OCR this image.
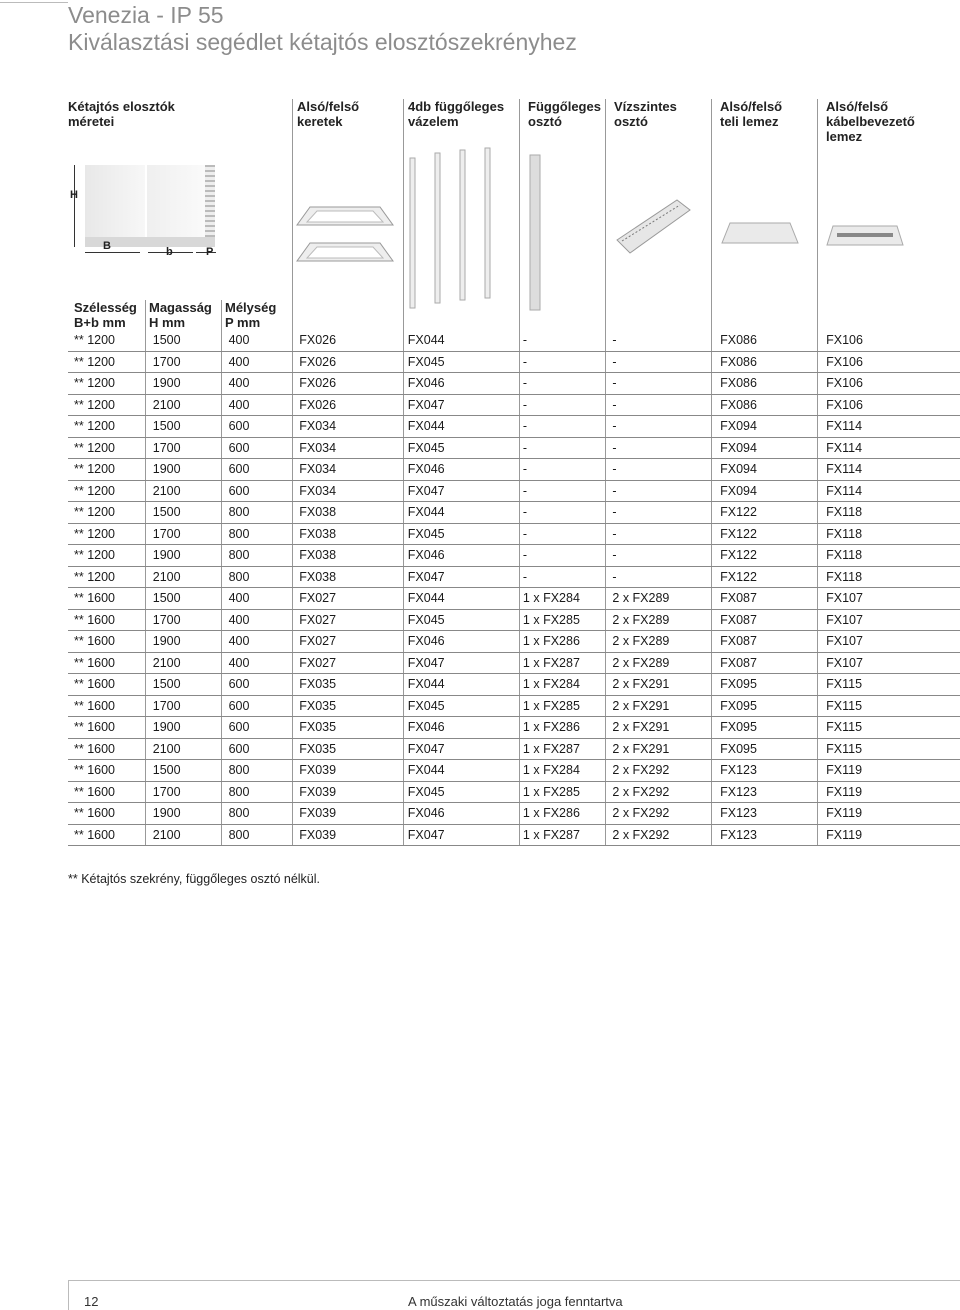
Venezia - IP 55
Kiválasztási segédlet kétajtós elosztószekrényhez
Kétajtós elosztók
méretei
Alsó/felső
keretek
4db függőleges
vázelem
Függőleges
osztó
Vízszintes
osztó
Alsó/felső
teli lemez
Alsó/felső
kábelbevezető
lemez
H
B	b	P
Szélesség
B+b mm
Magasság
H mm
Mélység
P mm
** 1200	1500	400	FX026	FX044	-	-	FX086	FX106
** 1200	1700	400	FX026	FX045	-	-	FX086	FX106
** 1200	1900	400	FX026	FX046	-	-	FX086	FX106
** 1200	2100	400	FX026	FX047	-	-	FX086	FX106
** 1200	1500	600	FX034	FX044	-	-	FX094	FX114
** 1200	1700	600	FX034	FX045	-	-	FX094	FX114
** 1200	1900	600	FX034	FX046	-	-	FX094	FX114
** 1200	2100	600	FX034	FX047	-	-	FX094	FX114
** 1200	1500	800	FX038	FX044	-	-	FX122	FX118
** 1200	1700	800	FX038	FX045	-	-	FX122	FX118
** 1200	1900	800	FX038	FX046	-	-	FX122	FX118
** 1200	2100	800	FX038	FX047	-	-	FX122	FX118
** 1600	1500	400	FX027	FX044	1 x FX284	2 x FX289	FX087	FX107
** 1600	1700	400	FX027	FX045	1 x FX285	2 x FX289	FX087	FX107
** 1600	1900	400	FX027	FX046	1 x FX286	2 x FX289	FX087	FX107
** 1600	2100	400	FX027	FX047	1 x FX287	2 x FX289	FX087	FX107
** 1600	1500	600	FX035	FX044	1 x FX284	2 x FX291	FX095	FX115
** 1600	1700	600	FX035	FX045	1 x FX285	2 x FX291	FX095	FX115
** 1600	1900	600	FX035	FX046	1 x FX286	2 x FX291	FX095	FX115
** 1600	2100	600	FX035	FX047	1 x FX287	2 x FX291	FX095	FX115
** 1600	1500	800	FX039	FX044	1 x FX284	2 x FX292	FX123	FX119
** 1600	1700	800	FX039	FX045	1 x FX285	2 x FX292	FX123	FX119
** 1600	1900	800	FX039	FX046	1 x FX286	2 x FX292	FX123	FX119
** 1600	2100	800	FX039	FX047	1 x FX287	2 x FX292	FX123	FX119
** Kétajtós szekrény, függőleges osztó nélkül.
12	A műszaki változtatás joga fenntartva
